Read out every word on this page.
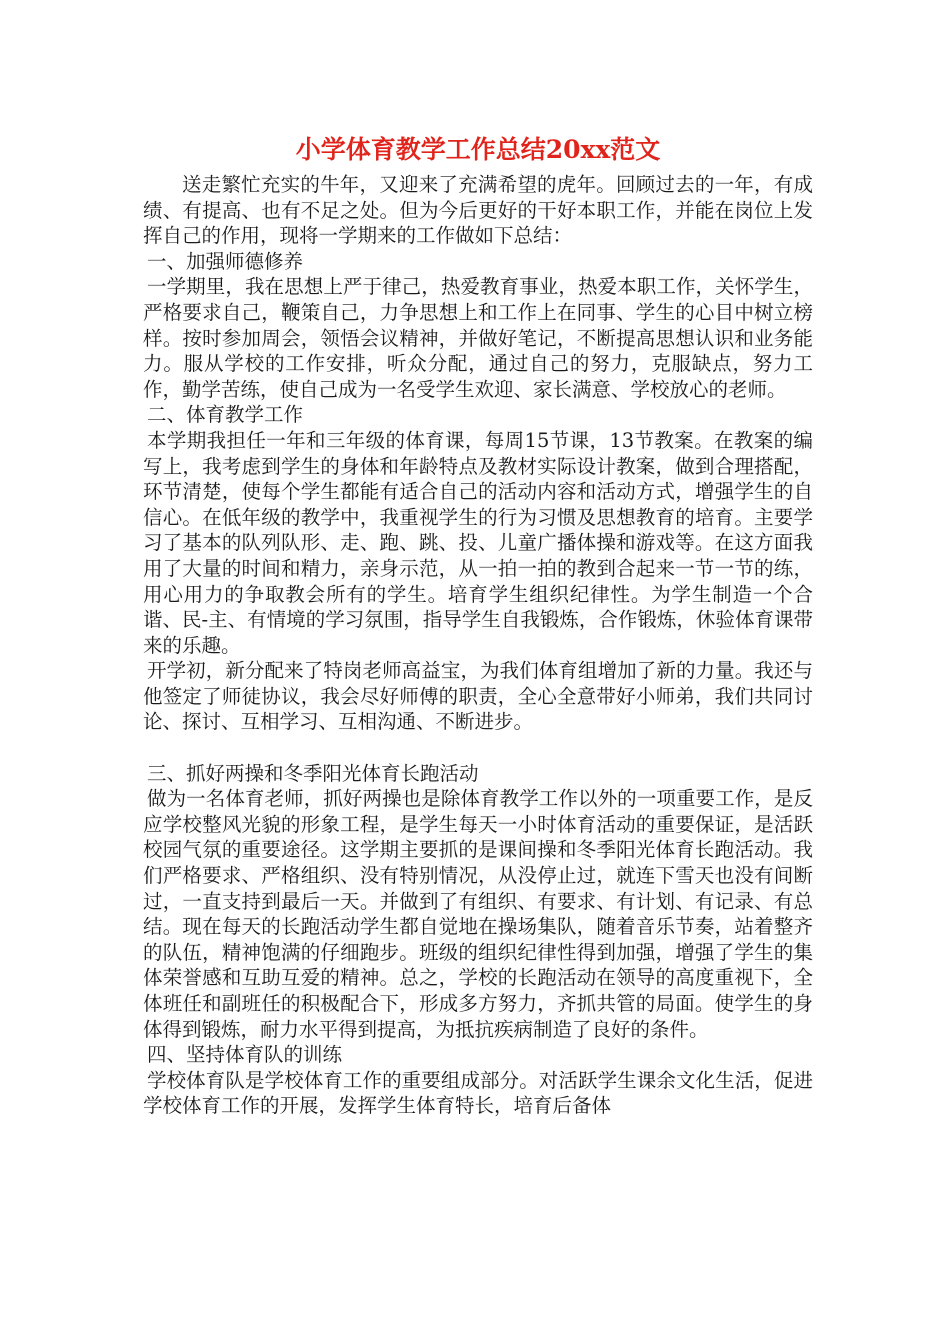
小学体育教学工作总结20xx范文

送走繁忙充实的牛年，又迎来了充满希望的虎年。回顾过去的一年，有成绩、有提高、也有不足之处。但为今后更好的干好本职工作，并能在岗位上发挥自己的作用，现将一学期来的工作做如下总结：

一、加强师德修养

一学期里，我在思想上严于律己，热爱教育事业，热爱本职工作，关怀学生，严格要求自己，鞭策自己，力争思想上和工作上在同事、学生的心目中树立榜样。按时参加周会，领悟会议精神，并做好笔记，不断提高思想认识和业务能力。服从学校的工作安排，听众分配，通过自己的努力，克服缺点，努力工作，勤学苦练，使自己成为一名受学生欢迎、家长满意、学校放心的老师。

二、体育教学工作

本学期我担任一年和三年级的体育课，每周15节课，13节教案。在教案的编写上，我考虑到学生的身体和年龄特点及教材实际设计教案，做到合理搭配，环节清楚，使每个学生都能有适合自己的活动内容和活动方式，增强学生的自信心。在低年级的教学中，我重视学生的行为习惯及思想教育的培育。主要学习了基本的队列队形、走、跑、跳、投、儿童广播体操和游戏等。在这方面我用了大量的时间和精力，亲身示范，从一拍一拍的教到合起来一节一节的练，用心用力的争取教会所有的学生。培育学生组织纪律性。为学生制造一个合谐、民-主、有情境的学习氛围，指导学生自我锻炼，合作锻炼，休验体育课带来的乐趣。

开学初，新分配来了特岗老师高益宝，为我们体育组增加了新的力量。我还与他签定了师徒协议，我会尽好师傅的职责，全心全意带好小师弟，我们共同讨论、探讨、互相学习、互相沟通、不断进步。

三、抓好两操和冬季阳光体育长跑活动

做为一名体育老师，抓好两操也是除体育教学工作以外的一项重要工作，是反应学校整风光貌的形象工程，是学生每天一小时体育活动的重要保证，是活跃校园气氛的重要途径。这学期主要抓的是课间操和冬季阳光体育长跑活动。我们严格要求、严格组织、没有特别情况，从没停止过，就连下雪天也没有间断过，一直支持到最后一天。并做到了有组织、有要求、有计划、有记录、有总结。现在每天的长跑活动学生都自觉地在操场集队，随着音乐节奏，站着整齐的队伍，精神饱满的仔细跑步。班级的组织纪律性得到加强，增强了学生的集体荣誉感和互助互爱的精神。总之，学校的长跑活动在领导的高度重视下，全体班任和副班任的积极配合下，形成多方努力，齐抓共管的局面。使学生的身体得到锻炼，耐力水平得到提高，为抵抗疾病制造了良好的条件。

四、坚持体育队的训练

学校体育队是学校体育工作的重要组成部分。对活跃学生课余文化生活，促进学校体育工作的开展，发挥学生体育特长，培育后备体
